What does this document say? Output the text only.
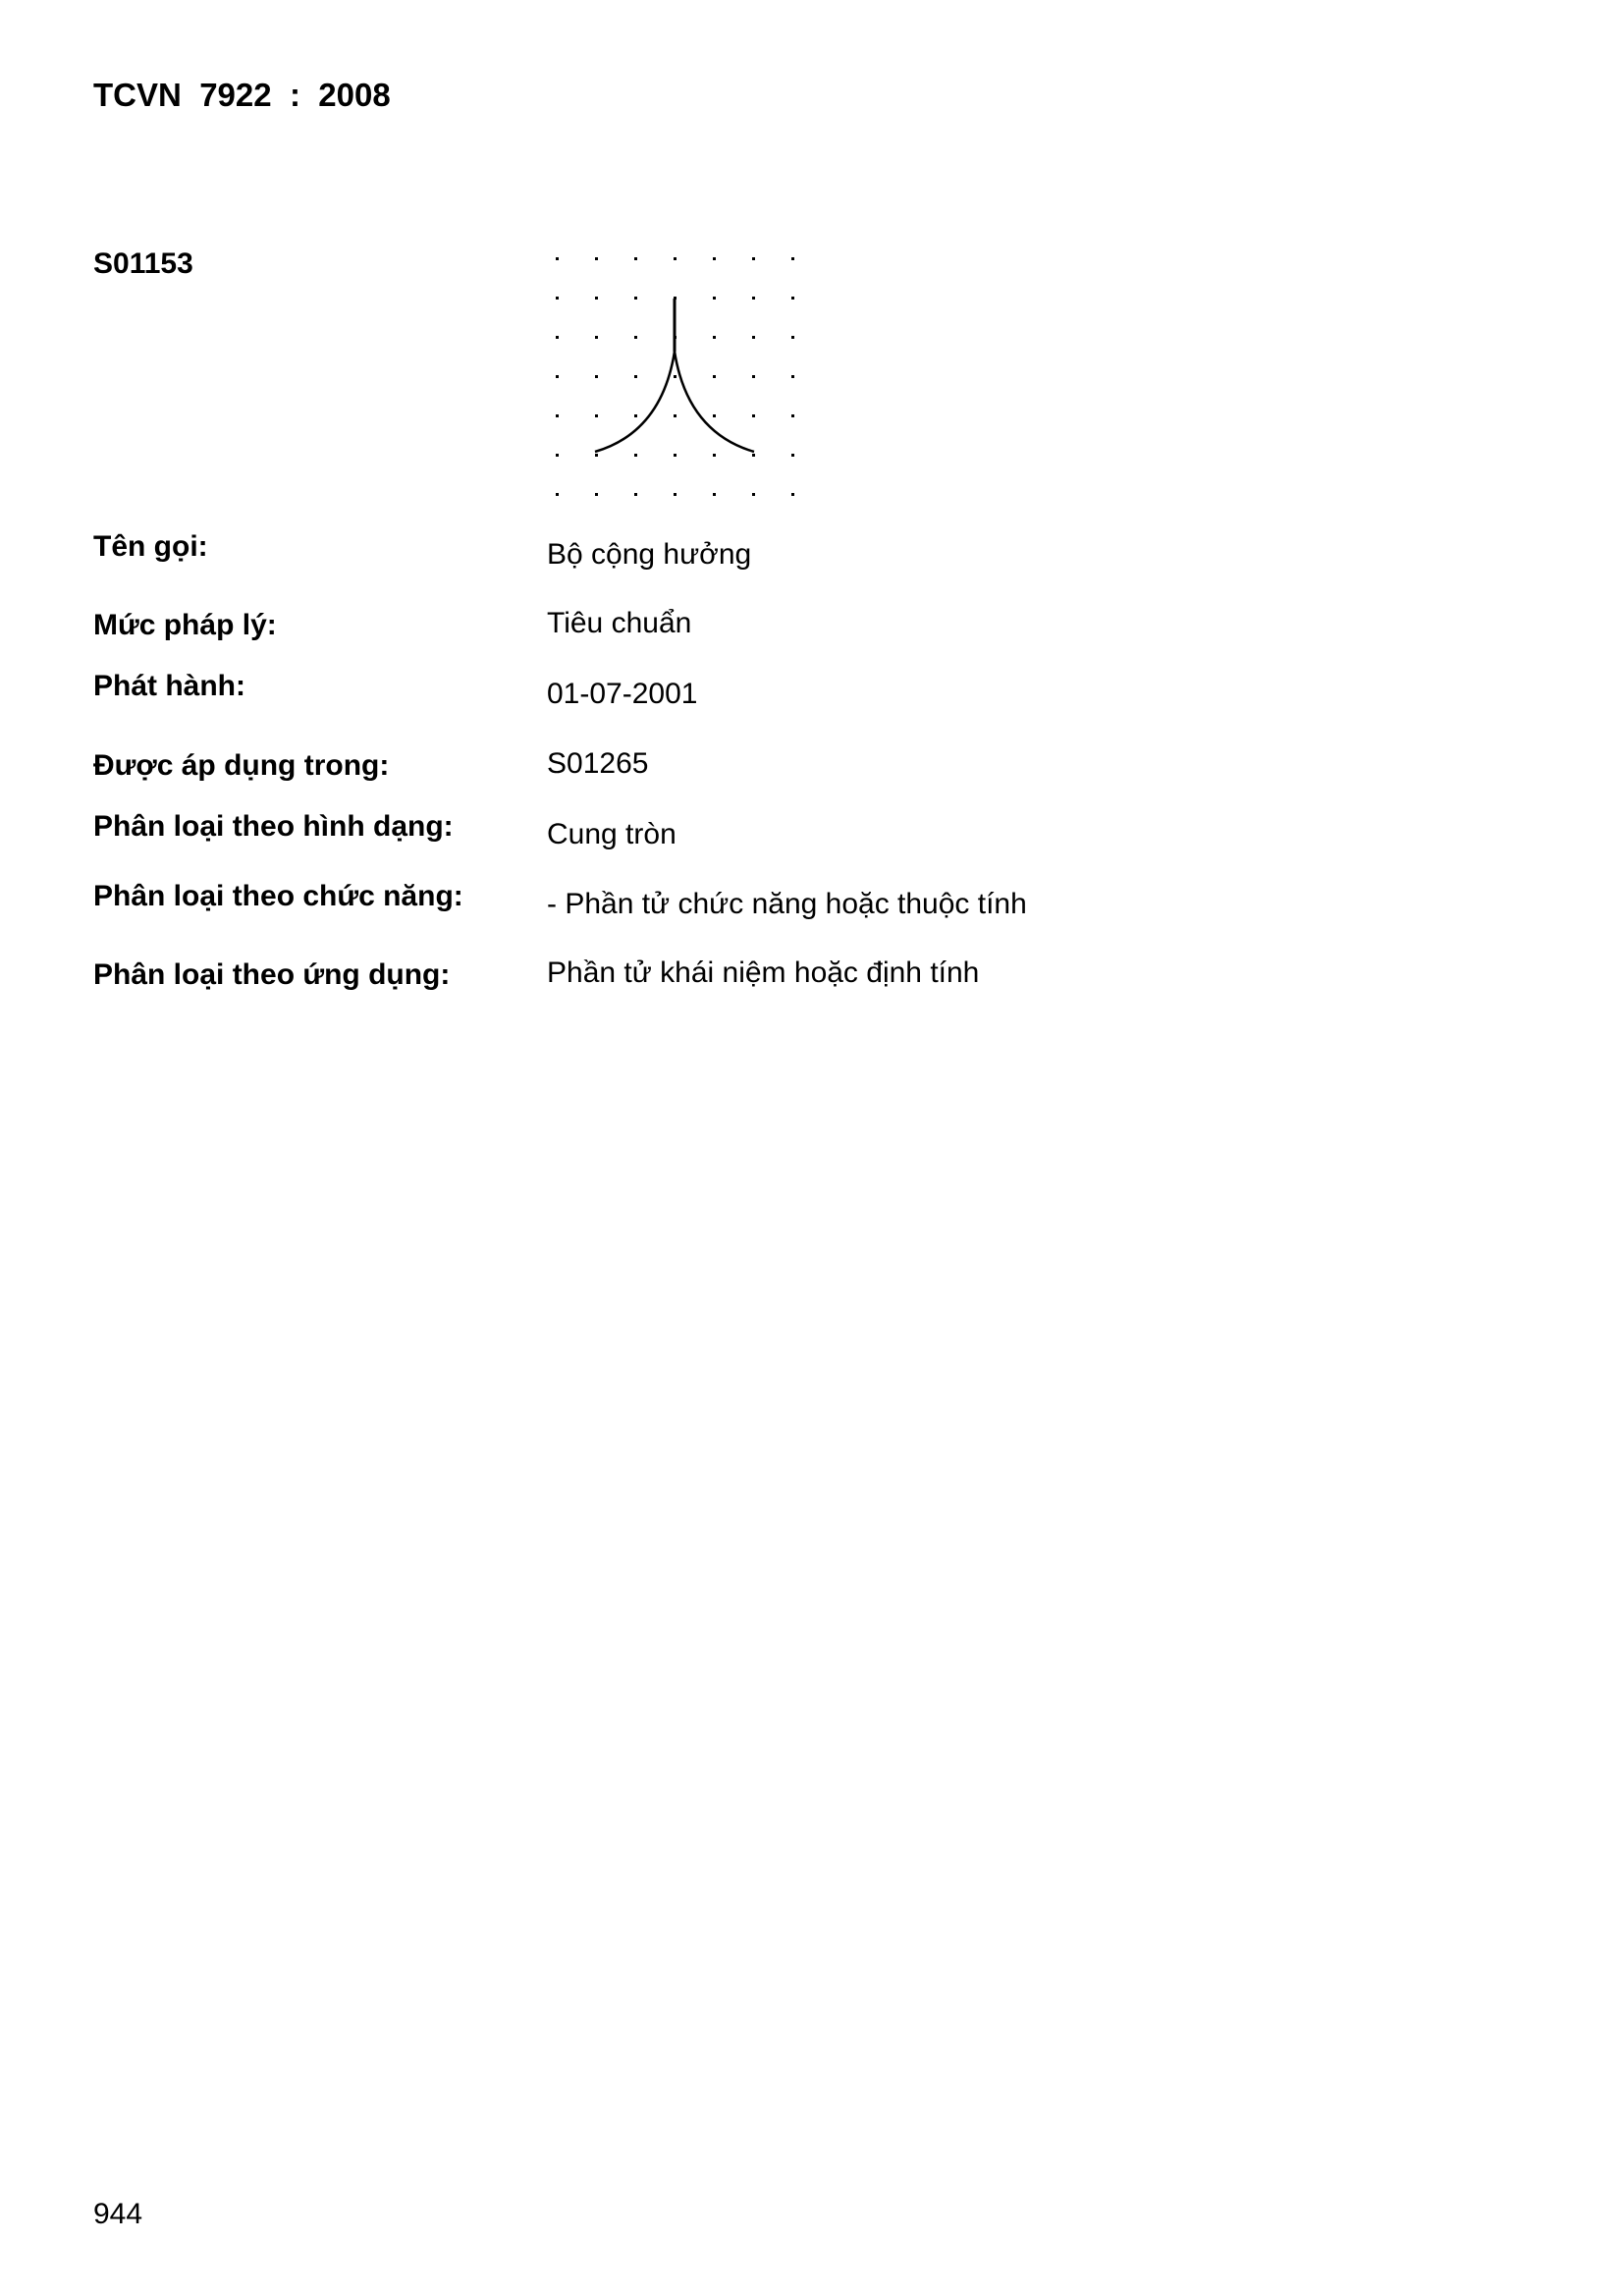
TCVN 7922 : 2008
S01153
Tên gọi:	Bộ cộng hưởng
Mức pháp lý:	Tiêu chuẩn
Phát hành:	01-07-2001
Được áp dụng trong:	S01265
Phân loại theo hình dạng:	Cung tròn
Phân loại theo chức năng:	- Phần tử chức năng hoặc thuộc tính
Phân loại theo ứng dụng:	Phần tử khái niệm hoặc định tính
944
